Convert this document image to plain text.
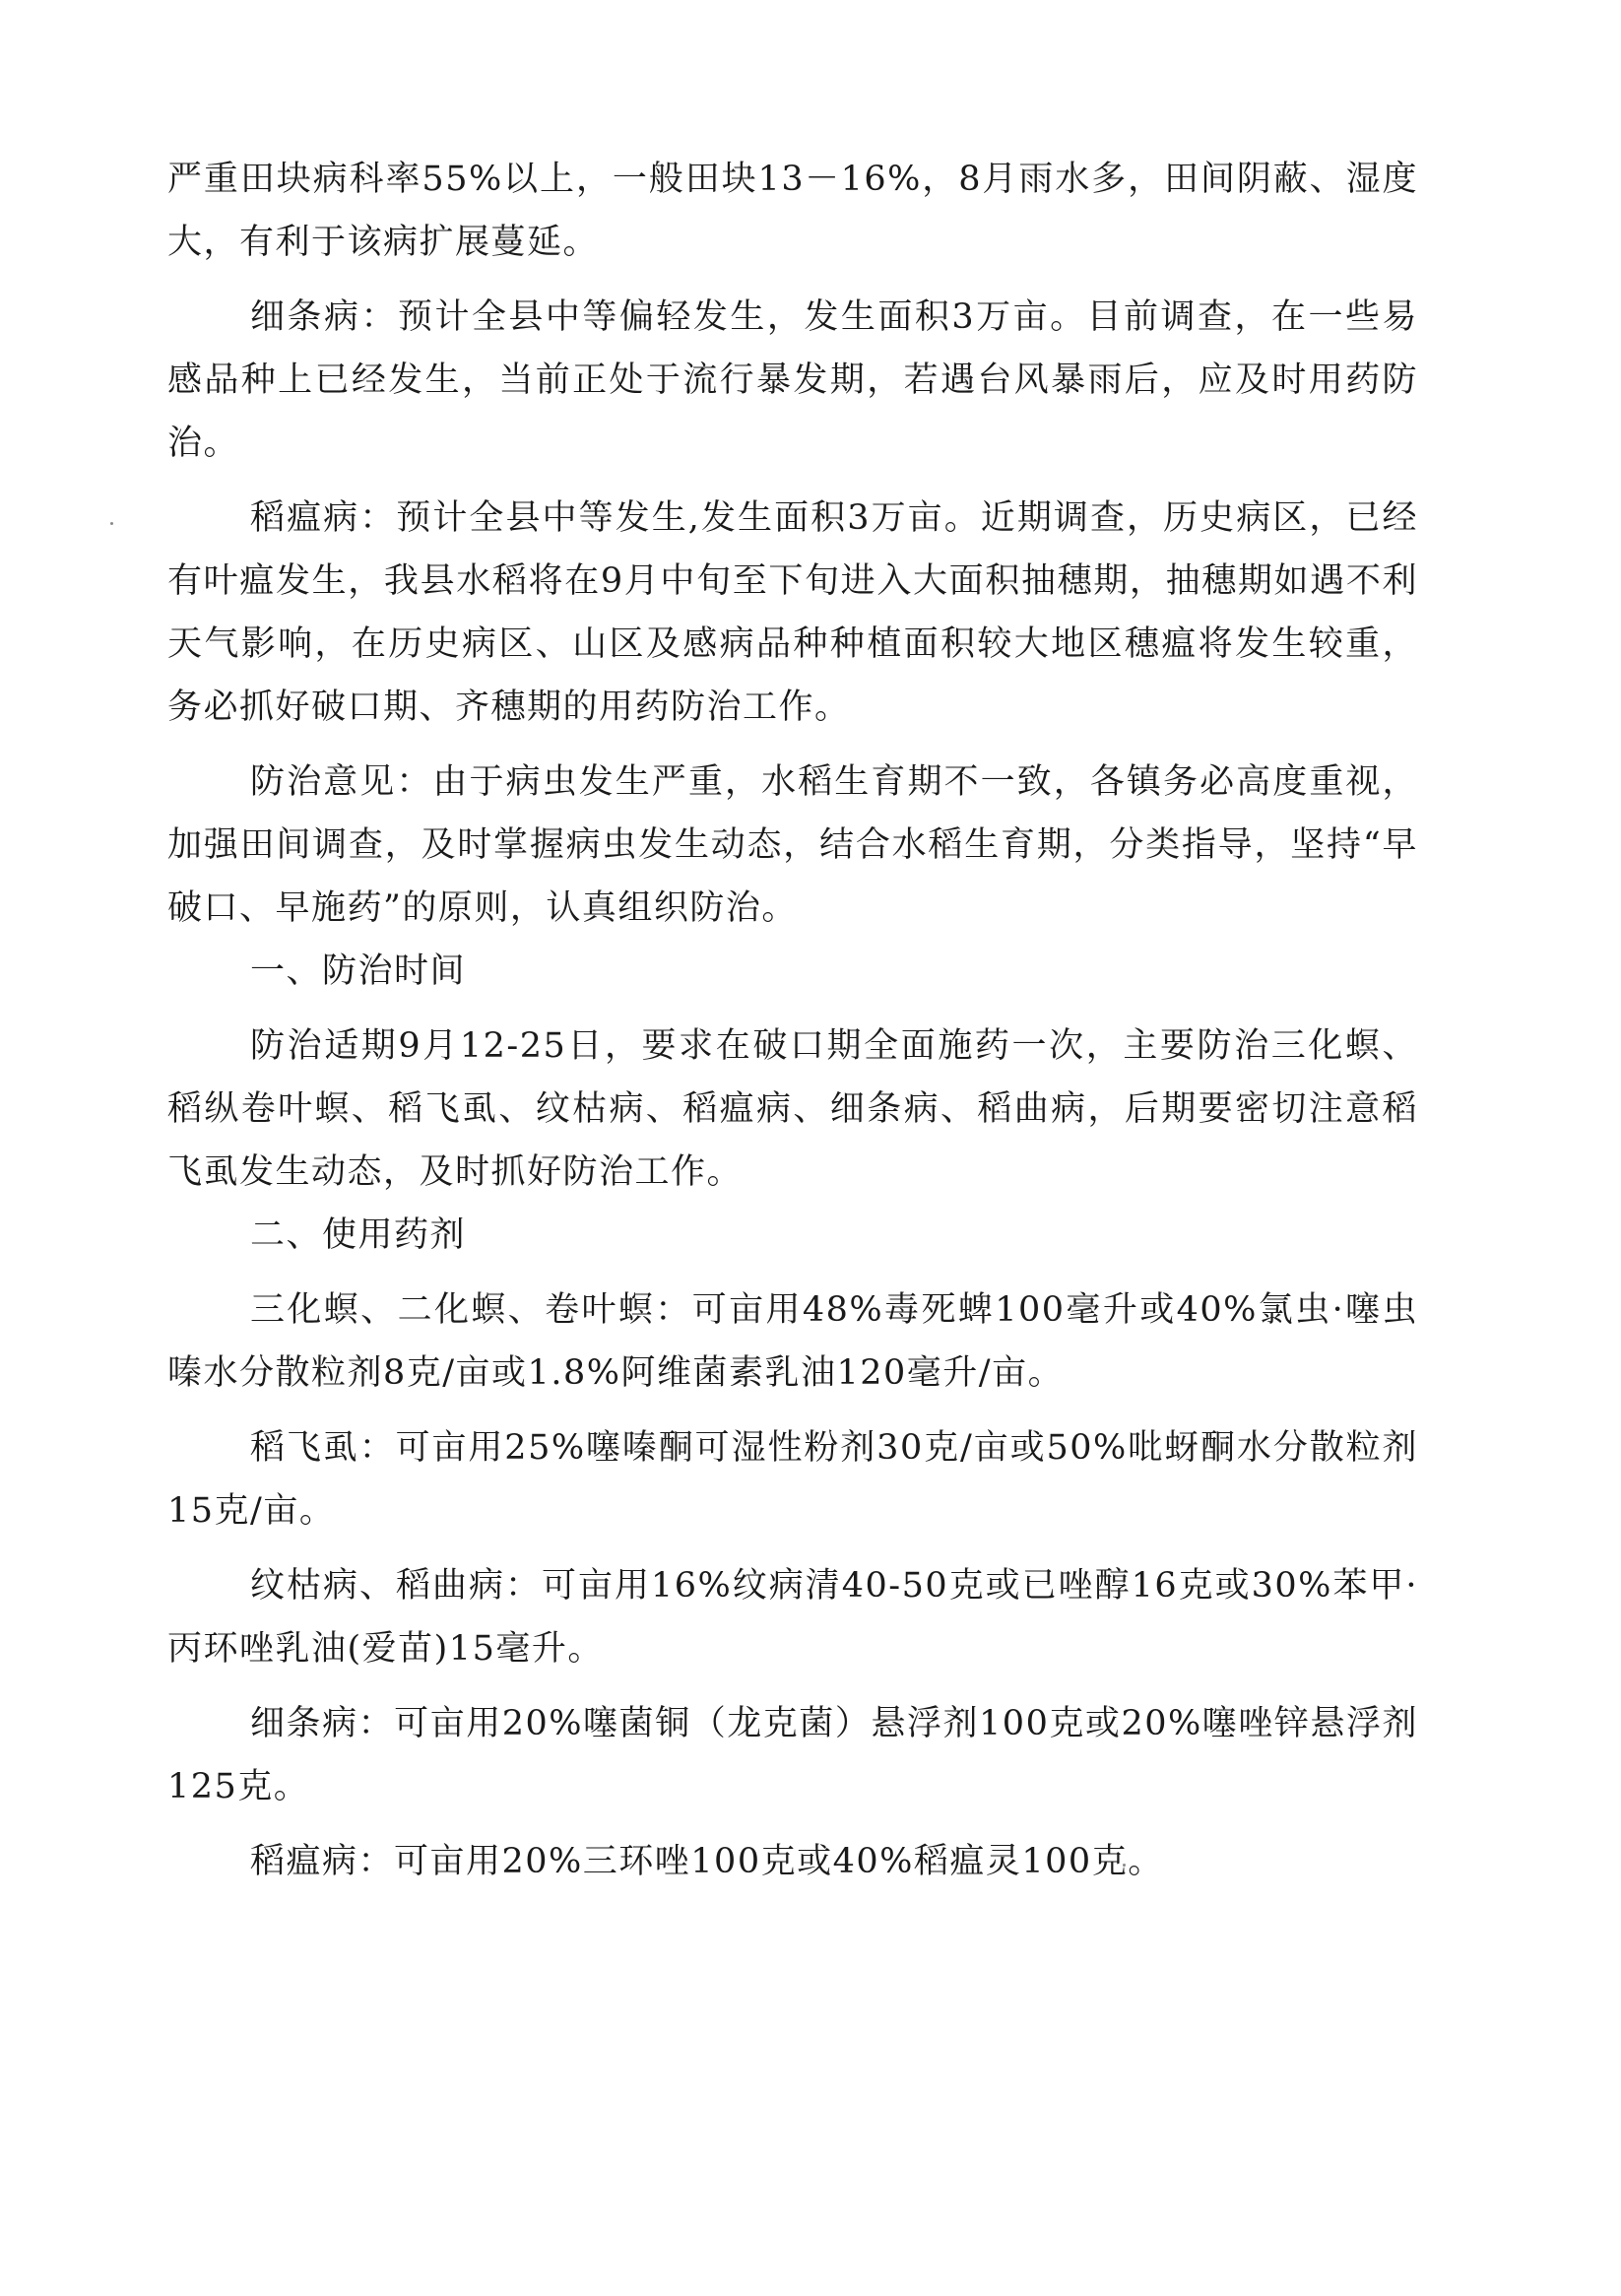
严重田块病科率55%以上，一般田块13－16%，8月雨水多，田间阴蔽、湿度大，有利于该病扩展蔓延。

细条病：预计全县中等偏轻发生，发生面积3万亩。目前调查，在一些易感品种上已经发生，当前正处于流行暴发期，若遇台风暴雨后，应及时用药防治。

稻瘟病：预计全县中等发生,发生面积3万亩。近期调查，历史病区，已经有叶瘟发生，我县水稻将在9月中旬至下旬进入大面积抽穗期，抽穗期如遇不利天气影响，在历史病区、山区及感病品种种植面积较大地区穗瘟将发生较重，务必抓好破口期、齐穗期的用药防治工作。

防治意见：由于病虫发生严重，水稻生育期不一致，各镇务必高度重视，加强田间调查，及时掌握病虫发生动态，结合水稻生育期，分类指导，坚持“早破口、早施药”的原则，认真组织防治。

一、防治时间

防治适期9月12-25日，要求在破口期全面施药一次，主要防治三化螟、稻纵卷叶螟、稻飞虱、纹枯病、稻瘟病、细条病、稻曲病，后期要密切注意稻飞虱发生动态，及时抓好防治工作。

二、使用药剂

三化螟、二化螟、卷叶螟：可亩用48%毒死蜱100毫升或40%氯虫·噻虫嗪水分散粒剂8克/亩或1.8%阿维菌素乳油120毫升/亩。

稻飞虱：可亩用25%噻嗪酮可湿性粉剂30克/亩或50%吡蚜酮水分散粒剂15克/亩。

纹枯病、稻曲病：可亩用16%纹病清40-50克或已唑醇16克或30%苯甲·丙环唑乳油(爱苗)15毫升。

细条病：可亩用20%噻菌铜（龙克菌）悬浮剂100克或20%噻唑锌悬浮剂125克。

稻瘟病：可亩用20%三环唑100克或40%稻瘟灵100克。
